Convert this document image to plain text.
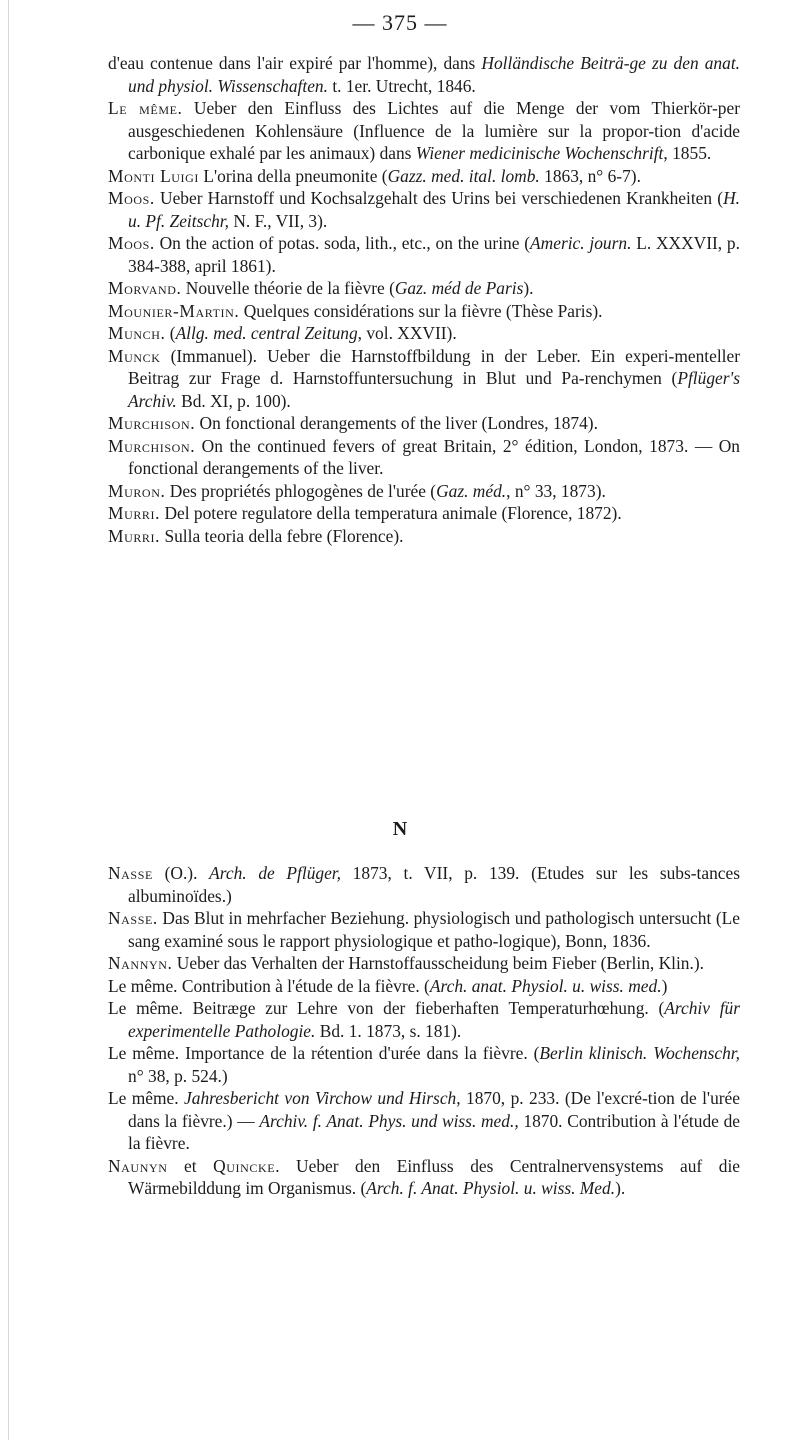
— 375 —

d'eau contenue dans l'air expiré par l'homme), dans Holländische Beiträ-ge zu den anat. und physiol. Wissenschaften. t. 1er. Utrecht, 1846.

Le même. Ueber den Einfluss des Lichtes auf die Menge der vom Thierkör-per ausgeschiedenen Kohlensäure (Influence de la lumière sur la propor-tion d'acide carbonique exhalé par les animaux) dans Wiener medicinische Wochenschrift, 1855.

Monti Luigi L'orina della pneumonite (Gazz. med. ital. lomb. 1863, n° 6-7).

Moos. Ueber Harnstoff und Kochsalzgehalt des Urins bei verschiedenen Krankheiten (H. u. Pf. Zeitschr, N. F., VII, 3).

Moos. On the action of potas. soda, lith., etc., on the urine (Americ. journ. L. XXXVII, p. 384-388, april 1861).

Morvand. Nouvelle théorie de la fièvre (Gaz. méd de Paris).

Mounier-Martin. Quelques considérations sur la fièvre (Thèse Paris).

Munch. (Allg. med. central Zeitung, vol. XXVII).

Munck (Immanuel). Ueber die Harnstoffbildung in der Leber. Ein experi-menteller Beitrag zur Frage d. Harnstoffuntersuchung in Blut und Pa-renchymen (Pflüger's Archiv. Bd. XI, p. 100).

Murchison. On fonctional derangements of the liver (Londres, 1874).

Murchison. On the continued fevers of great Britain, 2° édition, London, 1873. — On fonctional derangements of the liver.

Muron. Des propriétés phlogogènes de l'urée (Gaz. méd., n° 33, 1873).

Murri. Del potere regulatore della temperatura animale (Florence, 1872).

Murri. Sulla teoria della febre (Florence).

N

Nasse (O.). Arch. de Pflüger, 1873, t. VII, p. 139. (Etudes sur les subs-tances albuminoïdes.)

Nasse. Das Blut in mehrfacher Beziehung. physiologisch und pathologisch untersucht (Le sang examiné sous le rapport physiologique et patho-logique), Bonn, 1836.

Nannyn. Ueber das Verhalten der Harnstoffausscheidung beim Fieber (Berlin, Klin.).

Le même. Contribution à l'étude de la fièvre. (Arch. anat. Physiol. u. wiss. med.)

Le même. Beitræge zur Lehre von der fieberhaften Temperaturhœhung. (Archiv für experimentelle Pathologie. Bd. 1. 1873, s. 181).

Le même. Importance de la rétention d'urée dans la fièvre. (Berlin klinisch. Wochenschr, n° 38, p. 524.)

Le même. Jahresbericht von Virchow und Hirsch, 1870, p. 233. (De l'excré-tion de l'urée dans la fièvre.) — Archiv. f. Anat. Phys. und wiss. med., 1870. Contribution à l'étude de la fièvre.

Naunyn et Quincke. Ueber den Einfluss des Centralnervensystems auf die Wärmebilddung im Organismus. (Arch. f. Anat. Physiol. u. wiss. Med.).
